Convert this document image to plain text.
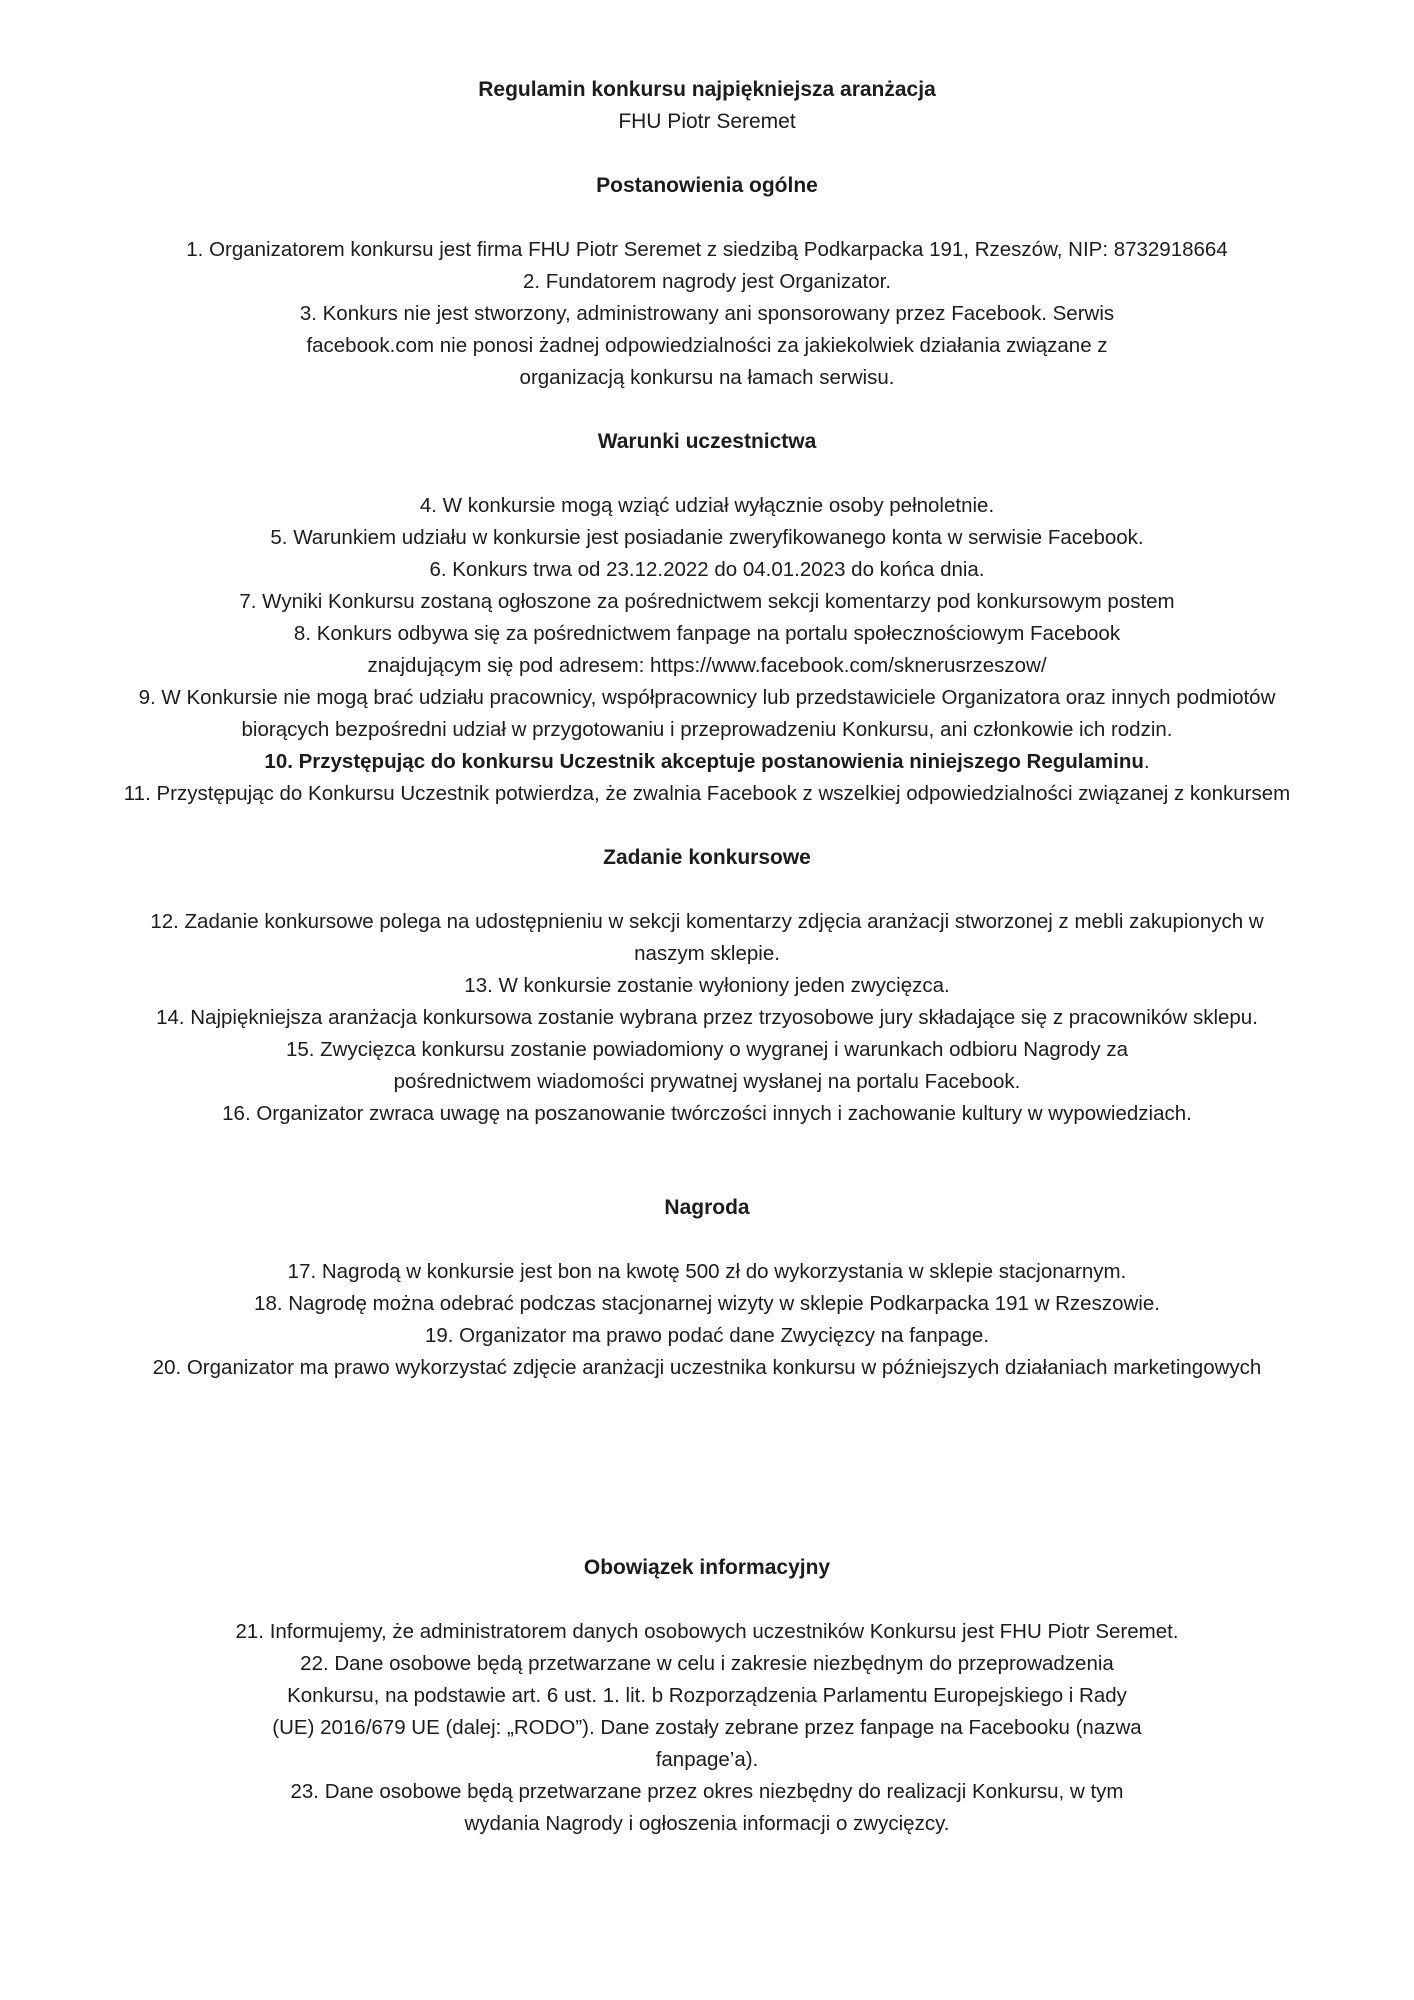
Regulamin konkursu najpiękniejsza aranżacja

FHU Piotr Seremet

Postanowienia ogólne

1. Organizatorem konkursu jest firma FHU Piotr Seremet z siedzibą Podkarpacka 191, Rzeszów, NIP: 8732918664

2. Fundatorem nagrody jest Organizator.

3. Konkurs nie jest stworzony, administrowany ani sponsorowany przez Facebook. Serwis

facebook.com nie ponosi żadnej odpowiedzialności za jakiekolwiek działania związane z

organizacją konkursu na łamach serwisu.

Warunki uczestnictwa

4. W konkursie mogą wziąć udział wyłącznie osoby pełnoletnie.

5. Warunkiem udziału w konkursie jest posiadanie zweryfikowanego konta w serwisie Facebook.

6. Konkurs trwa od 23.12.2022 do 04.01.2023 do końca dnia.

7. Wyniki Konkursu zostaną ogłoszone za pośrednictwem sekcji komentarzy pod konkursowym postem

8. Konkurs odbywa się za pośrednictwem fanpage na portalu społecznościowym Facebook

znajdującym się pod adresem: https://www.facebook.com/sknerusrzeszow/

9. W Konkursie nie mogą brać udziału pracownicy, współpracownicy lub przedstawiciele Organizatora oraz innych podmiotów

biorących bezpośredni udział w przygotowaniu i przeprowadzeniu Konkursu, ani członkowie ich rodzin.

10. Przystępując do konkursu Uczestnik akceptuje postanowienia niniejszego Regulaminu.

11. Przystępując do Konkursu Uczestnik potwierdza, że zwalnia Facebook z wszelkiej odpowiedzialności związanej z konkursem

Zadanie konkursowe

12. Zadanie konkursowe polega na udostępnieniu w sekcji komentarzy zdjęcia aranżacji stworzonej z mebli zakupionych w

naszym sklepie.

13. W konkursie zostanie wyłoniony jeden zwycięzca.

14. Najpiękniejsza aranżacja konkursowa zostanie wybrana przez trzyosobowe jury składające się z pracowników sklepu.

15. Zwycięzca konkursu zostanie powiadomiony o wygranej i warunkach odbioru Nagrody za

pośrednictwem wiadomości prywatnej wysłanej na portalu Facebook.

16. Organizator zwraca uwagę na poszanowanie twórczości innych i zachowanie kultury w wypowiedziach.

Nagroda

17. Nagrodą w konkursie jest bon na kwotę 500 zł do wykorzystania w sklepie stacjonarnym.

18. Nagrodę można odebrać podczas stacjonarnej wizyty w sklepie Podkarpacka 191 w Rzeszowie.

19. Organizator ma prawo podać dane Zwycięzcy na fanpage.

20. Organizator ma prawo wykorzystać zdjęcie aranżacji uczestnika konkursu w późniejszych działaniach marketingowych

Obowiązek informacyjny

21. Informujemy, że administratorem danych osobowych uczestników Konkursu jest FHU Piotr Seremet.

22. Dane osobowe będą przetwarzane w celu i zakresie niezbędnym do przeprowadzenia

Konkursu, na podstawie art. 6 ust. 1. lit. b Rozporządzenia Parlamentu Europejskiego i Rady

(UE) 2016/679 UE (dalej: „RODO”). Dane zostały zebrane przez fanpage na Facebooku (nazwa

fanpage’a).

23. Dane osobowe będą przetwarzane przez okres niezbędny do realizacji Konkursu, w tym

wydania Nagrody i ogłoszenia informacji o zwycięzcy.
